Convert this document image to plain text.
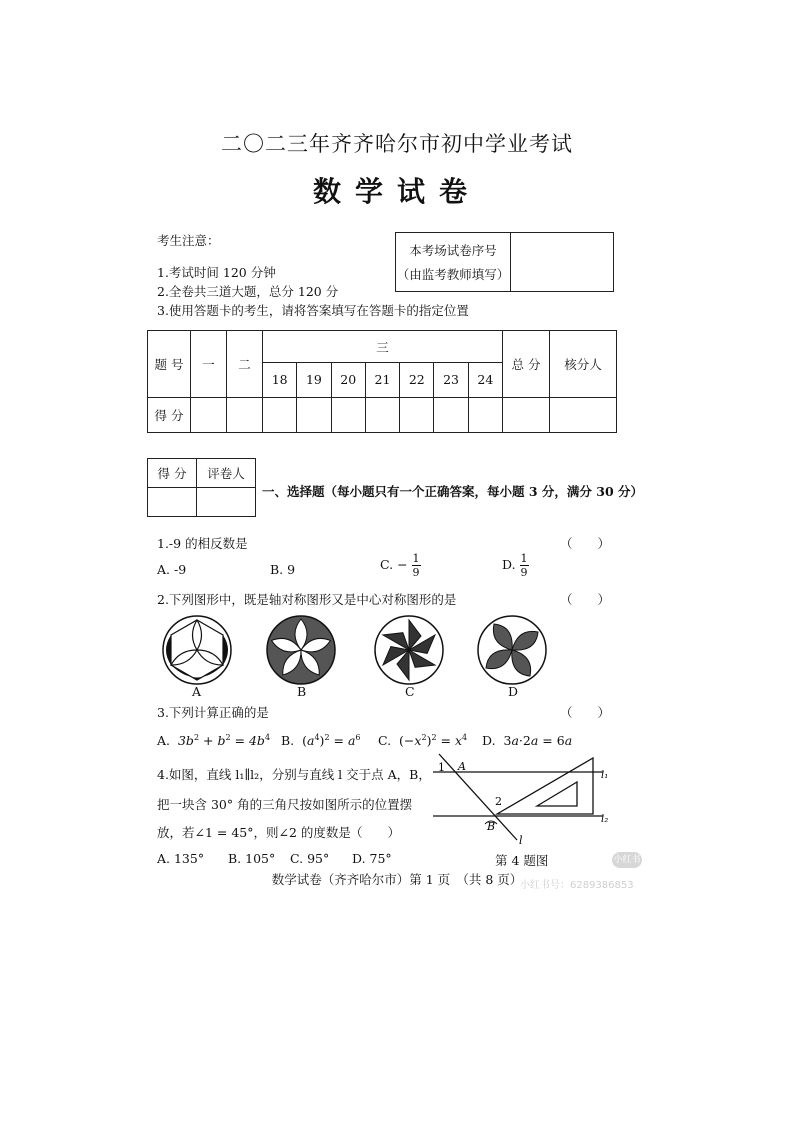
二〇二三年齐齐哈尔市初中学业考试
数学试卷
考生注意：
1.考试时间 120 分钟
2.全卷共三道大题，总分 120 分
3.使用答题卡的考生，请将答案填写在答题卡的指定位置
本考场试卷序号
（由监考教师填写）
题 号	一	二	三							总 分	核分人
			18	19	20	21	22	23	24		
得 分											
得 分	评卷人

一、选择题（每小题只有一个正确答案，每小题 3 分，满分 30 分）
1.-9 的相反数是	（　　）
A. -9	B. 9	C. − $\frac{1}{9}$	D. $\frac{1}{9}$
2.下列图形中，既是轴对称图形又是中心对称图形的是	（　　）
A	B	C	D
3.下列计算正确的是	（　　）
A. $3b^2 + b^2 = 4b^4$ B.  $(a^4)^2 = a^6$ C.  $(-x^2)^2 = x^4$ D.  3a·2a = 6a
4.如图，直线 l₁∥l₂，分别与直线 l 交于点 A，B，
把一块含 30° 角的三角尺按如图所示的位置摆
放，若∠1 = 45°，则∠2 的度数是 （　　）
A. 135° B. 105° C. 95° D. 75°
1 A
2
B
l
l₁
l₂
第 4 题图
数学试卷（齐齐哈尔市）第 1 页　（共 8 页）
小红书
小红书号：6289386853
